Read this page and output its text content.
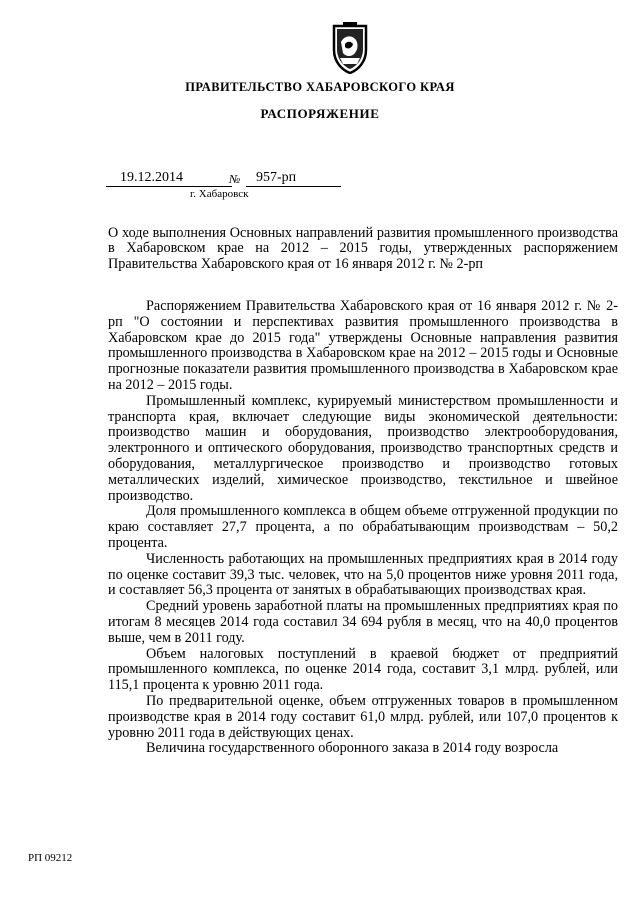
ПРАВИТЕЛЬСТВО ХАБАРОВСКОГО КРАЯ
РАСПОРЯЖЕНИЕ
19.12.2014	№	957-рп
г. Хабаровск
О ходе выполнения Основных направлений развития промышленного производства в Хабаровском крае на 2012 – 2015 годы, утвержденных распоряжением Правительства Хабаровского края от 16 января 2012 г. № 2-рп

Распоряжением Правительства Хабаровского края от 16 января 2012 г. № 2-рп "О состоянии и перспективах развития промышленного производства в Хабаровском крае до 2015 года" утверждены Основные направления развития промышленного производства в Хабаровском крае на 2012 – 2015 годы и Основные прогнозные показатели развития промышленного производства в Хабаровском крае на 2012 – 2015 годы.

Промышленный комплекс, курируемый министерством промышленности и транспорта края, включает следующие виды экономической деятельности: производство машин и оборудования, производство электрооборудования, электронного и оптического оборудования, производство транспортных средств и оборудования, металлургическое производство и производство готовых металлических изделий, химическое производство, текстильное и швейное производство.

Доля промышленного комплекса в общем объеме отгруженной продукции по краю составляет 27,7 процента, а по обрабатывающим производствам – 50,2 процента.

Численность работающих на промышленных предприятиях края в 2014 году по оценке составит 39,3 тыс. человек, что на 5,0 процентов ниже уровня 2011 года, и составляет 56,3 процента от занятых в обрабатывающих производствах края.

Средний уровень заработной платы на промышленных предприятиях края по итогам 8 месяцев 2014 года составил 34 694 рубля в месяц, что на 40,0 процентов выше, чем в 2011 году.

Объем налоговых поступлений в краевой бюджет от предприятий промышленного комплекса, по оценке 2014 года, составит 3,1 млрд. рублей, или 115,1 процента к уровню 2011 года.

По предварительной оценке, объем отгруженных товаров в промышленном производстве края в 2014 году составит 61,0 млрд. рублей, или 107,0 процентов к уровню 2011 года в действующих ценах.

Величина государственного оборонного заказа в 2014 году возросла

РП 09212
